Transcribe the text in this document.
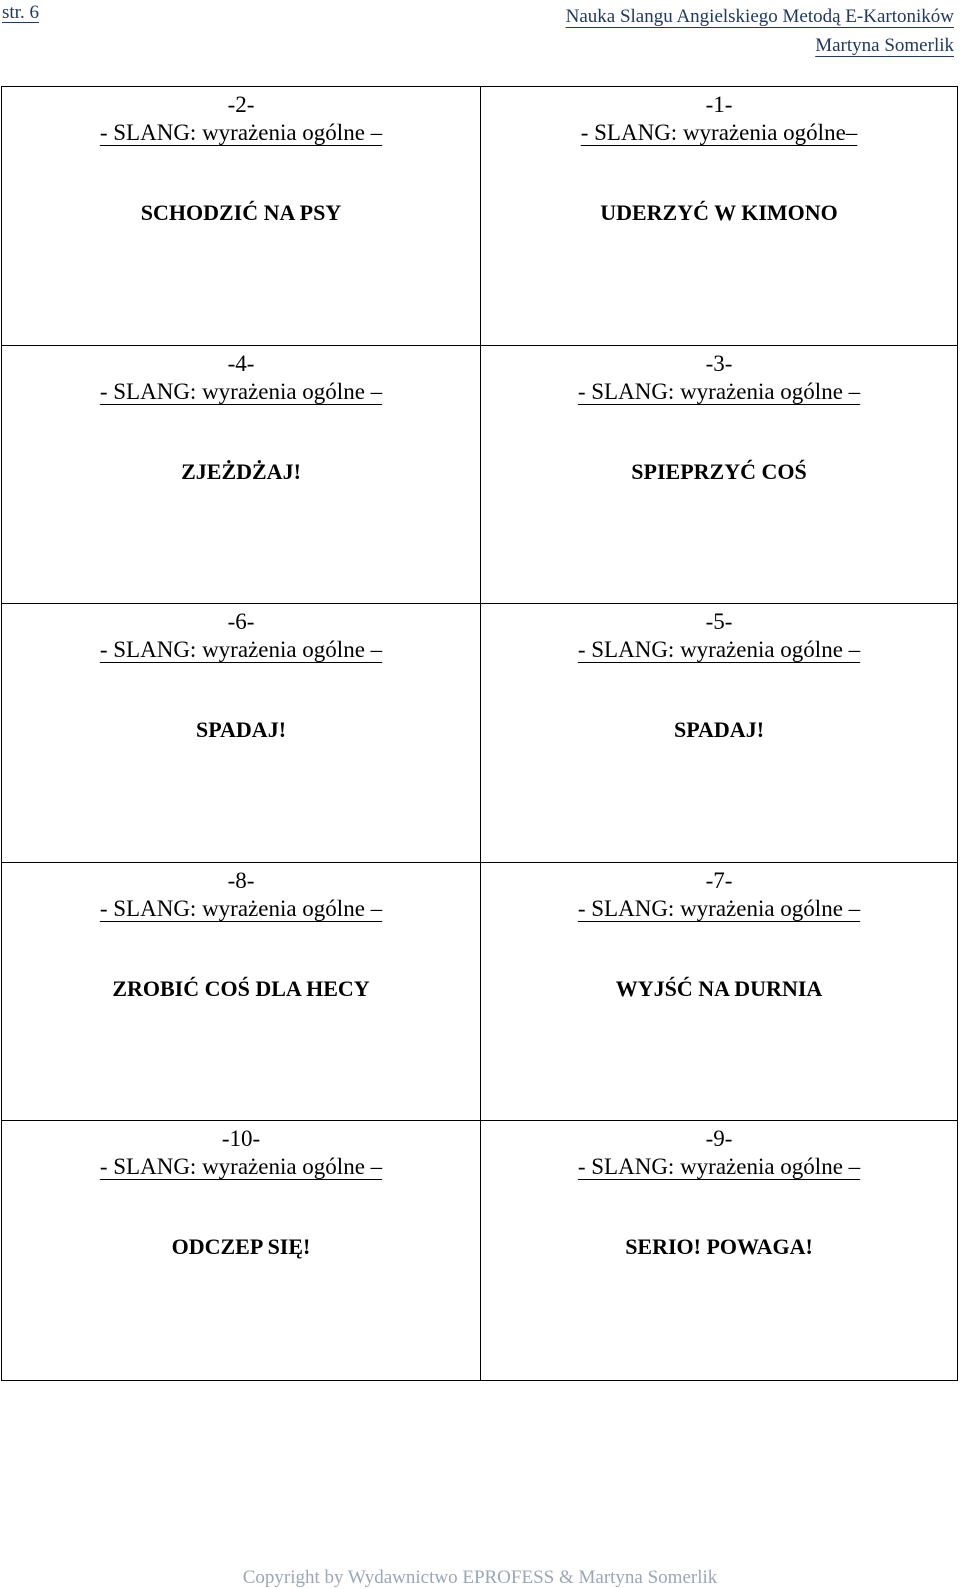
str. 6	Nauka Slangu Angielskiego Metodą E-Kartoników
Martyna Somerlik
-2-
- SLANG: wyrażenia ogólne –
SCHODZIĆ NA PSY
-1-
- SLANG: wyrażenia ogólne–
UDERZYĆ W KIMONO
-4-
- SLANG: wyrażenia ogólne –
ZJEŻDŻAJ!
-3-
- SLANG: wyrażenia ogólne –
SPIEPRZYĆ COŚ
-6-
- SLANG: wyrażenia ogólne –
SPADAJ!
-5-
- SLANG: wyrażenia ogólne –
SPADAJ!
-8-
- SLANG: wyrażenia ogólne –
ZROBIĆ COŚ DLA HECY
-7-
- SLANG: wyrażenia ogólne –
WYJŚĆ NA DURNIA
-10-
- SLANG: wyrażenia ogólne –
ODCZEP SIĘ!
-9-
- SLANG: wyrażenia ogólne –
SERIO! POWAGA!
Copyright by Wydawnictwo EPROFESS & Martyna Somerlik
